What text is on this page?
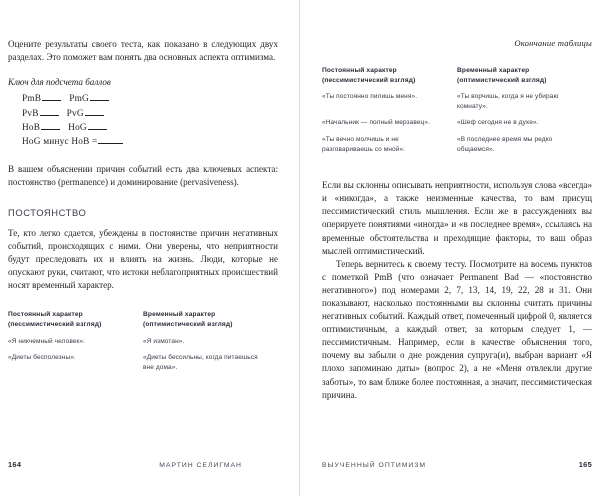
Оцените результаты своего теста, как показано в следующих двух разделах. Это поможет вам понять два основных аспекта оптимизма.

Ключ для подсчета баллов
PmB	PmG
PvB	PvG
HoB	HoG
HoG минус HoB =

В вашем объяснении причин событий есть два ключевых аспекта: постоянство (permanence) и доминирование (pervasiveness).

ПОСТОЯНСТВО

Те, кто легко сдается, убеждены в постоянстве причин негативных событий, происходящих с ними. Они уверены, что неприятности будут преследовать их и влиять на жизнь. Люди, которые не опускают руки, считают, что истоки неблагоприятных происшествий носят временный характер.

Постоянный характер (пессимистический взгляд)	Временный характер (оптимистический взгляд)
«Я никчемный человек».	«Я измотан».
«Диеты бесполезны».	«Диеты бессильны, когда питаешься вне дома».
164	МАРТИН СЕЛИГМАН
Окончание таблицы
Постоянный характер (пессимистический взгляд)	Временный характер (оптимистический взгляд)
«Ты постоянно пилишь меня».	«Ты ворчишь, когда я не убираю комнату».
«Начальник — полный мерзавец».	«Шеф сегодня не в духе».
«Ты вечно молчишь и не разговариваешь со мной».	«В последнее время мы редко общаемся».

Если вы склонны описывать неприятности, используя слова «всегда» и «никогда», а также неизменные качества, то вам присущ пессимистический стиль мышления. Если же в рассуждениях вы оперируете понятиями «иногда» и «в последнее время», ссылаясь на временные обстоятельства и преходящие факторы, то ваш образ мыслей оптимистический.

Теперь вернитесь к своему тесту. Посмотрите на восемь пунктов с пометкой PmB (что означает Permanent Bad — «постоянство негативного») под номерами 2, 7, 13, 14, 19, 22, 28 и 31. Они показывают, насколько постоянными вы склонны считать причины негативных событий. Каждый ответ, помеченный цифрой 0, является оптимистичным, а каждый ответ, за которым следует 1, — пессимистичным. Например, если в качестве объяснения того, почему вы забыли о дне рождения супруга(и), выбран вариант «Я плохо запоминаю даты» (вопрос 2), а не «Меня отвлекли другие заботы», то вам ближе более постоянная, а значит, пессимистическая причина.

ВЫУЧЕННЫЙ ОПТИМИЗМ	165
